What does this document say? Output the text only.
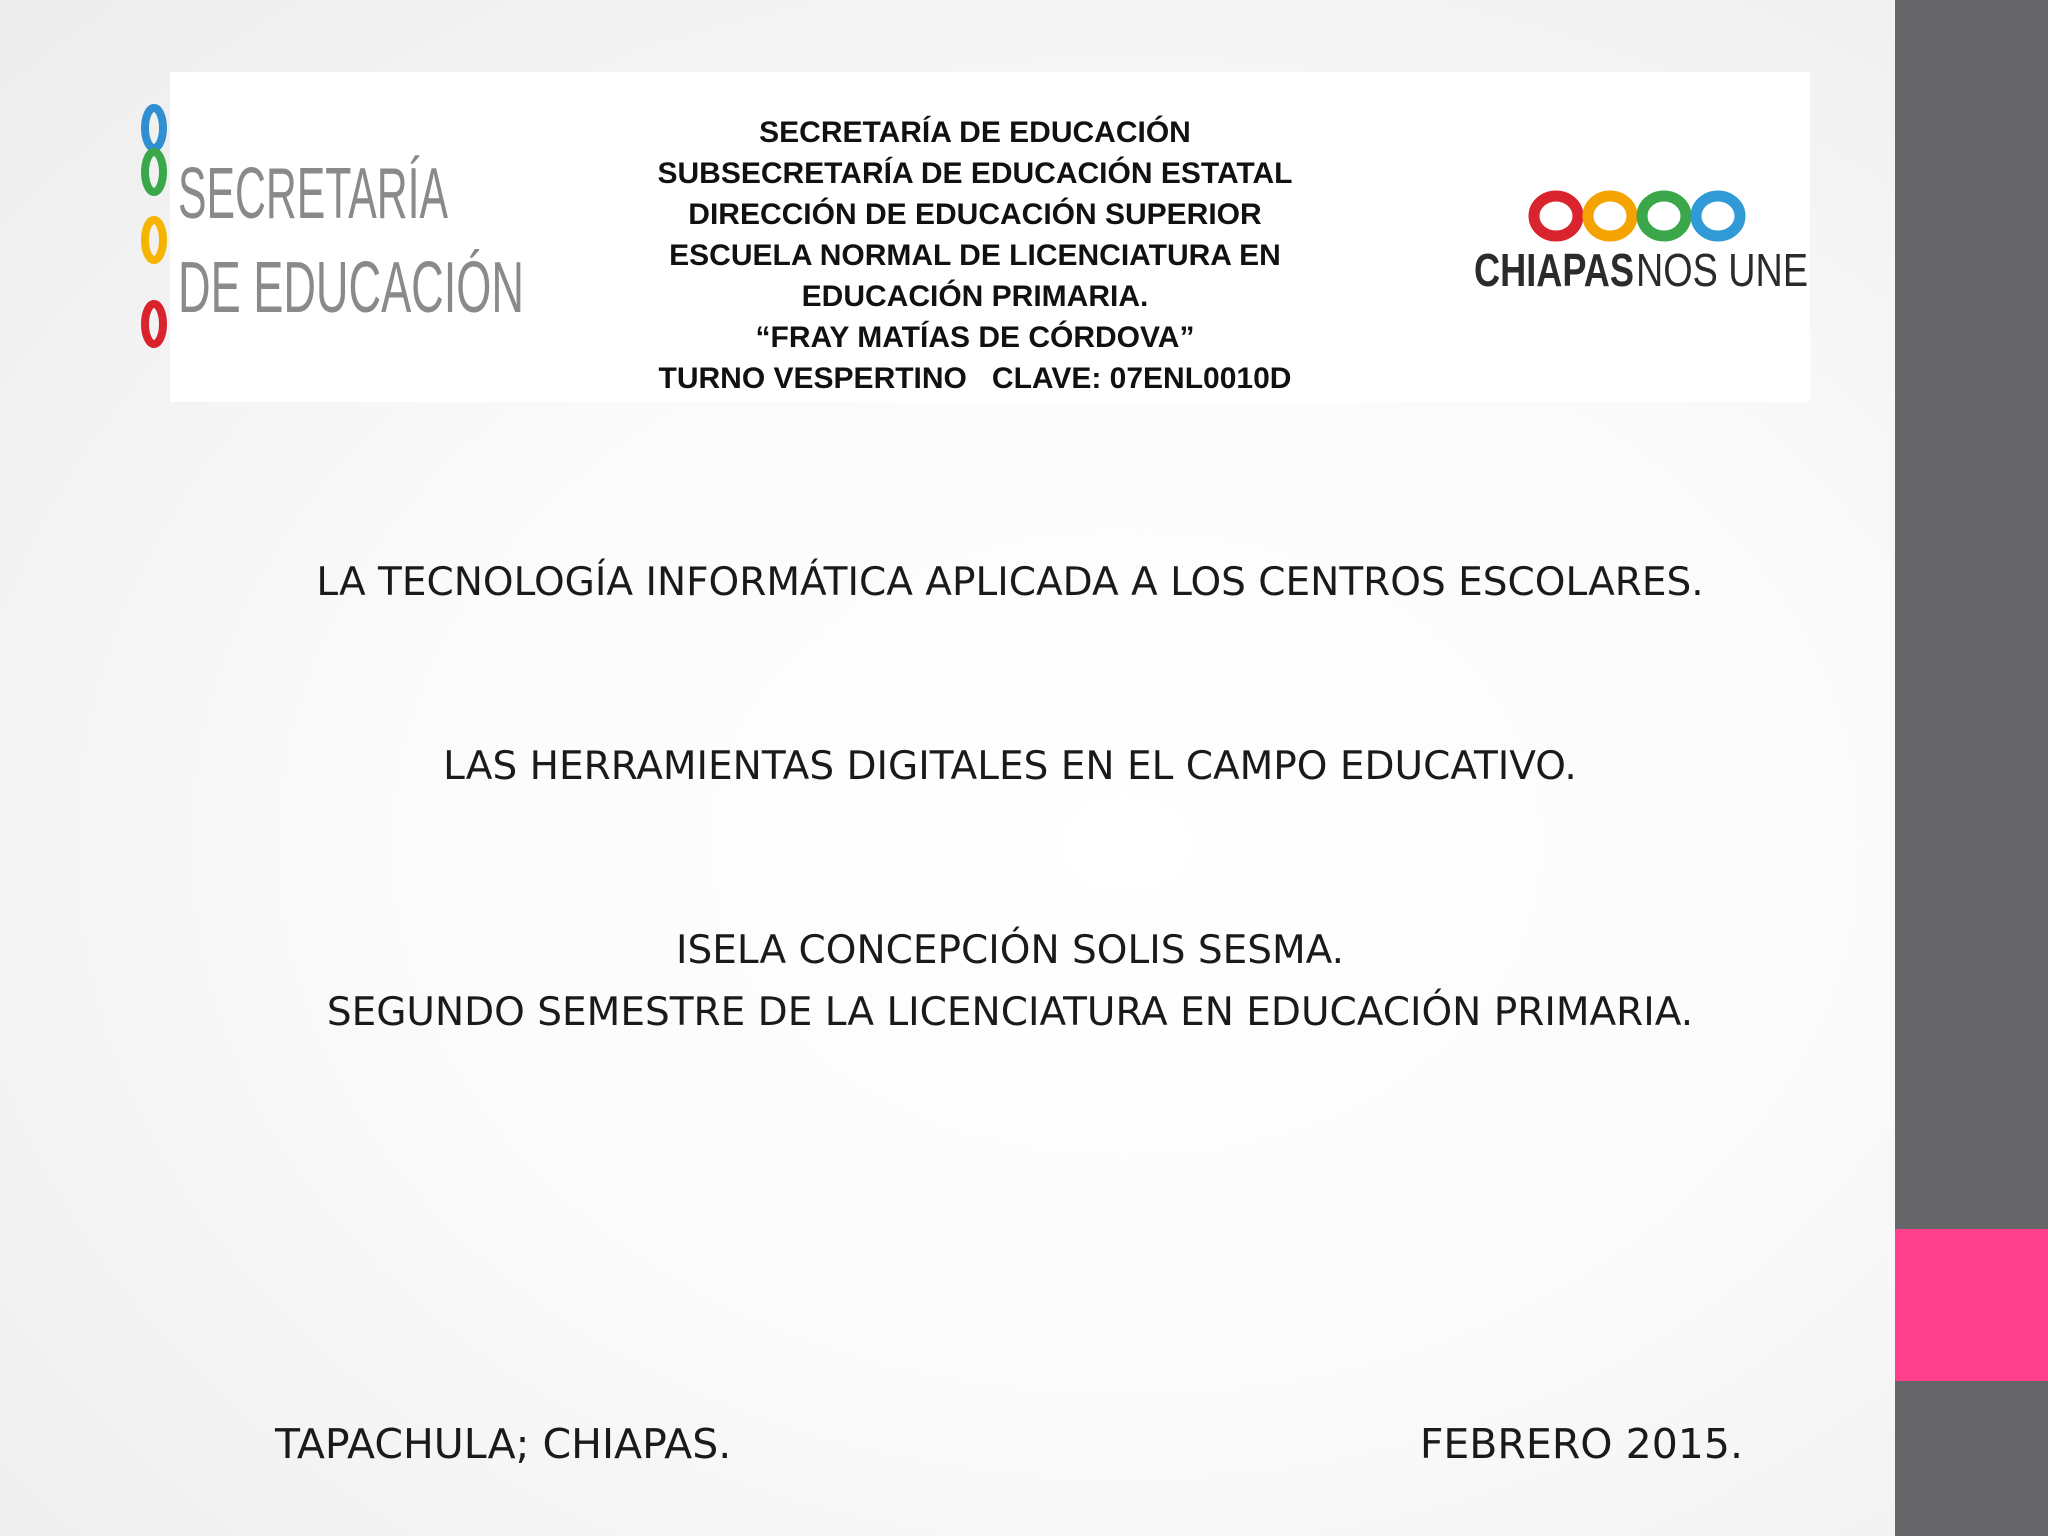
SECRETARÍA
DE EDUCACIÓN	CHIAPAS NOS UNE
SECRETARÍA DE EDUCACIÓN
SUBSECRETARÍA DE EDUCACIÓN ESTATAL
DIRECCIÓN DE EDUCACIÓN SUPERIOR
ESCUELA NORMAL DE LICENCIATURA EN
EDUCACIÓN PRIMARIA.
“FRAY MATÍAS DE CÓRDOVA”
TURNO VESPERTINO   CLAVE: 07ENL0010D
LA TECNOLOGÍA INFORMÁTICA APLICADA A LOS CENTROS ESCOLARES.
LAS HERRAMIENTAS DIGITALES EN EL CAMPO EDUCATIVO.
ISELA CONCEPCIÓN SOLIS SESMA.
SEGUNDO SEMESTRE DE LA LICENCIATURA EN EDUCACIÓN PRIMARIA.
TAPACHULA; CHIAPAS.	FEBRERO 2015.
